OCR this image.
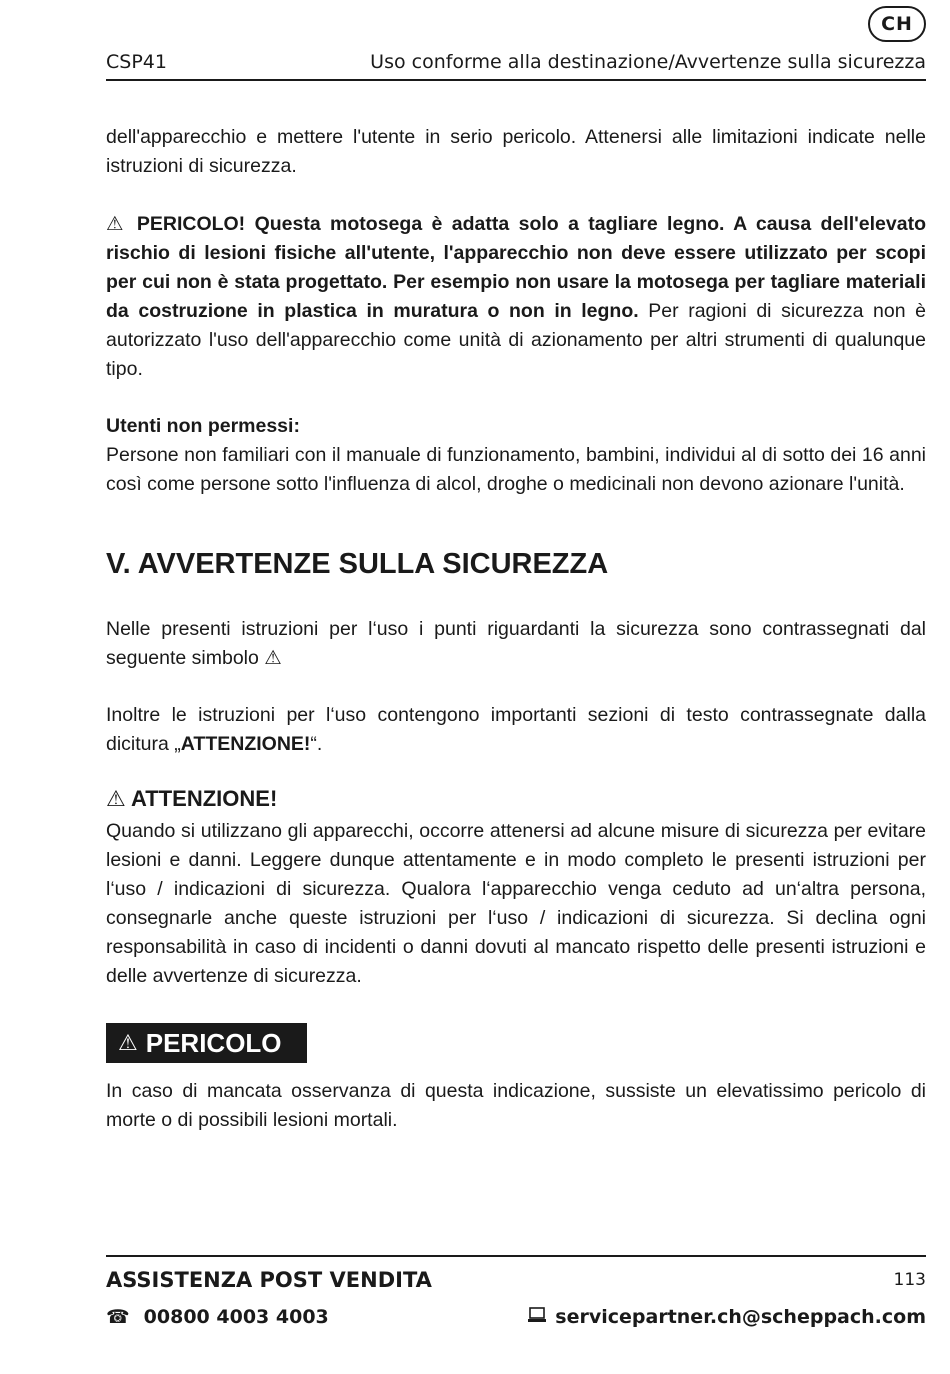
CH
CSP41	Uso conforme alla destinazione/Avvertenze sulla sicurezza

dell'apparecchio e mettere l'utente in serio pericolo. Attenersi alle limitazioni indicate nelle istruzioni di sicurezza.

⚠ PERICOLO! Questa motosega è adatta solo a tagliare legno. A causa dell'elevato rischio di lesioni fisiche all'utente, l'apparecchio non deve essere utilizzato per scopi per cui non è stata progettato. Per esempio non usare la motosega per tagliare materiali da costruzione in plastica in muratura o non in legno. Per ragioni di sicurezza non è autorizzato l'uso dell'apparecchio come unità di azionamento per altri strumenti di qualunque tipo.

Utenti non permessi:

Persone non familiari con il manuale di funzionamento, bambini, individui al di sotto dei 16 anni così come persone sotto l'influenza di alcol, droghe o medicinali non devono azionare l'unità.

V. AVVERTENZE SULLA SICUREZZA

Nelle presenti istruzioni per l‘uso i punti riguardanti la sicurezza sono contrassegnati dal seguente simbolo ⚠

Inoltre le istruzioni per l‘uso contengono importanti sezioni di testo contrassegnate dalla dicitura „ATTENZIONE!“.

⚠ ATTENZIONE!

Quando si utilizzano gli apparecchi, occorre attenersi ad alcune misure di sicurezza per evitare lesioni e danni. Leggere dunque attentamente e in modo completo le presenti istruzioni per l‘uso / indicazioni di sicurezza. Qualora l‘apparecchio venga ceduto ad un‘altra persona, consegnarle anche queste istruzioni per l‘uso / indicazioni di sicurezza. Si declina ogni responsabilità in caso di incidenti o danni dovuti al mancato rispetto delle presenti istruzioni e delle avvertenze di sicurezza.

⚠ PERICOLO

In caso di mancata osservanza di questa indicazione, sussiste un elevatissimo pericolo di morte o di possibili lesioni mortali.

ASSISTENZA POST VENDITA	113
☎ 00800 4003 4003	servicepartner.ch@scheppach.com
